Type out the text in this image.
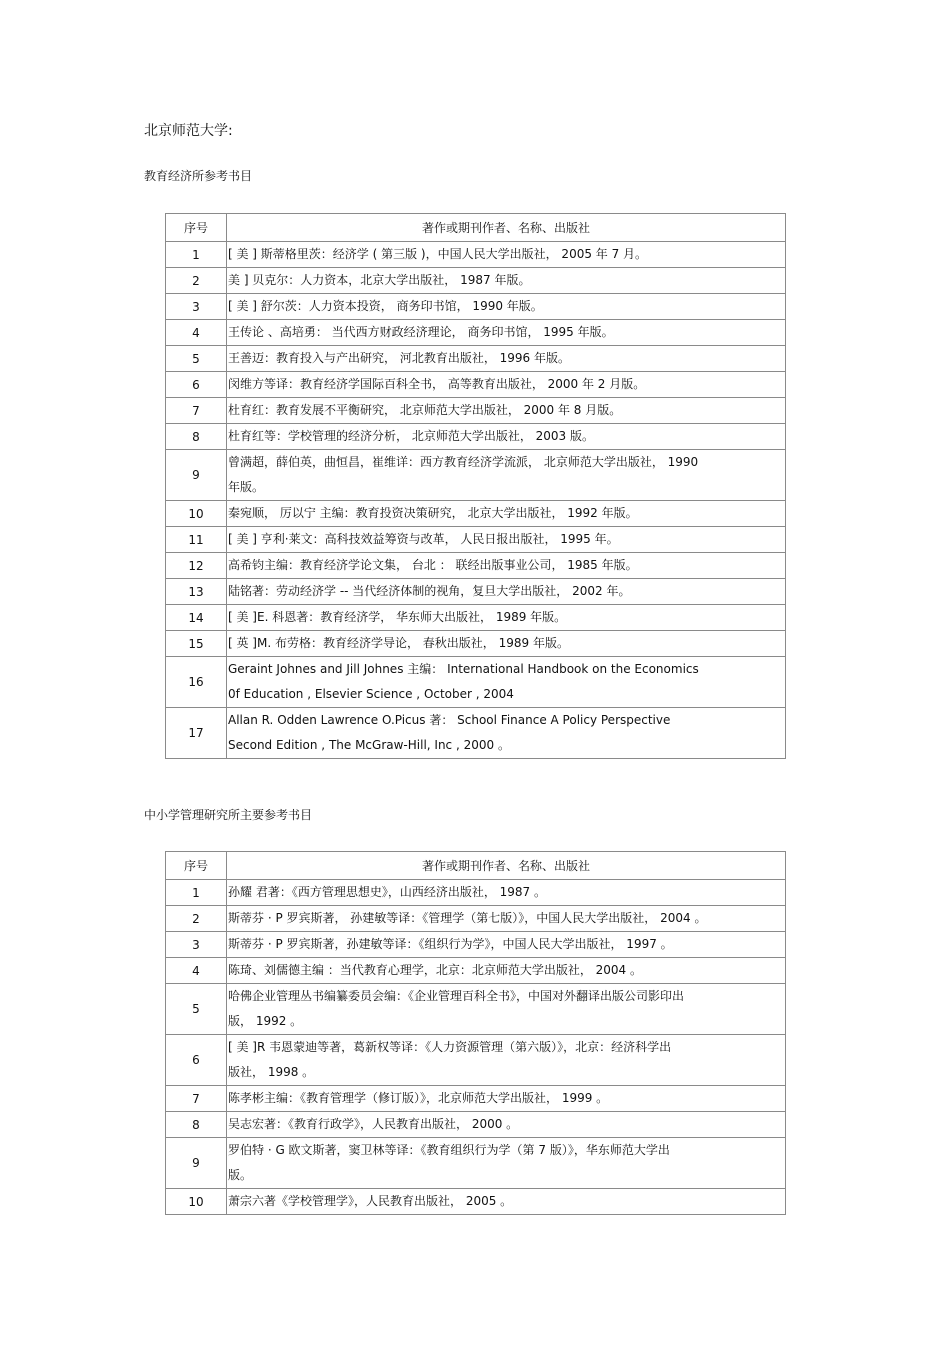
北京师范大学:
教育经济所参考书目
序号	著作或期刊作者、名称、出版社
1	[ 美 ] 斯蒂格里茨：经济学 ( 第三版 )，中国人民大学出版社， 2005 年 7 月。
2	美 ] 贝克尔：人力资本，北京大学出版社， 1987 年版。
3	[ 美 ] 舒尔茨：人力资本投资， 商务印书馆， 1990 年版。
4	王传论 、高培勇： 当代西方财政经济理论， 商务印书馆， 1995 年版。
5	王善迈：教育投入与产出研究， 河北教育出版社， 1996 年版。
6	闵维方等译：教育经济学国际百科全书， 高等教育出版社， 2000 年 2 月版。
7	杜育红：教育发展不平衡研究， 北京师范大学出版社， 2000 年 8 月版。
8	杜育红等：学校管理的经济分析， 北京师范大学出版社， 2003 版。
9	曾满超，薛伯英，曲恒昌，崔维详：西方教育经济学流派， 北京师范大学出版社， 1990
年版。
10	秦宛顺， 厉以宁 主编：教育投资决策研究， 北京大学出版社， 1992 年版。
11	[ 美 ] 亨利·莱文：高科技效益筹资与改革， 人民日报出版社， 1995 年。
12	高希钧主编：教育经济学论文集， 台北 ： 联经出版事业公司， 1985 年版。
13	陆铭著：劳动经济学 -- 当代经济体制的视角，复旦大学出版社， 2002 年。
14	[ 美 ]E. 科恩著：教育经济学， 华东师大出版社， 1989 年版。
15	[ 英 ]M. 布劳格：教育经济学导论， 春秋出版社， 1989 年版。
16	Geraint Johnes and Jill Johnes 主编： International Handbook on the Economics
0f Education , Elsevier Science , October , 2004
17	Allan R. Odden Lawrence O.Picus 著： School Finance A Policy Perspective
Second Edition , The McGraw-Hill, Inc , 2000 。
中小学管理研究所主要参考书目
序号	著作或期刊作者、名称、出版社
1	孙耀 君著：《西方管理思想史》，山西经济出版社， 1987 。
2	斯蒂芬 · P 罗宾斯著， 孙建敏等译：《管理学（第七版）》，中国人民大学出版社， 2004 。
3	斯蒂芬 · P 罗宾斯著，孙建敏等译：《组织行为学》，中国人民大学出版社， 1997 。
4	陈琦、刘儒德主编 ：当代教育心理学，北京：北京师范大学出版社， 2004 。
5	哈佛企业管理丛书编纂委员会编：《企业管理百科全书》，中国对外翻译出版公司影印出
版， 1992 。
6	[ 美 ]R 韦恩蒙迪等著，葛新权等译：《人力资源管理（第六版）》，北京：经济科学出
版社， 1998 。
7	陈孝彬主编：《教育管理学（修订版）》，北京师范大学出版社， 1999 。
8	吴志宏著：《教育行政学》，人民教育出版社， 2000 。
9	罗伯特 · G 欧文斯著，窦卫林等译：《教育组织行为学（第 7 版）》，华东师范大学出
版。
10	萧宗六著《学校管理学》，人民教育出版社， 2005 。
